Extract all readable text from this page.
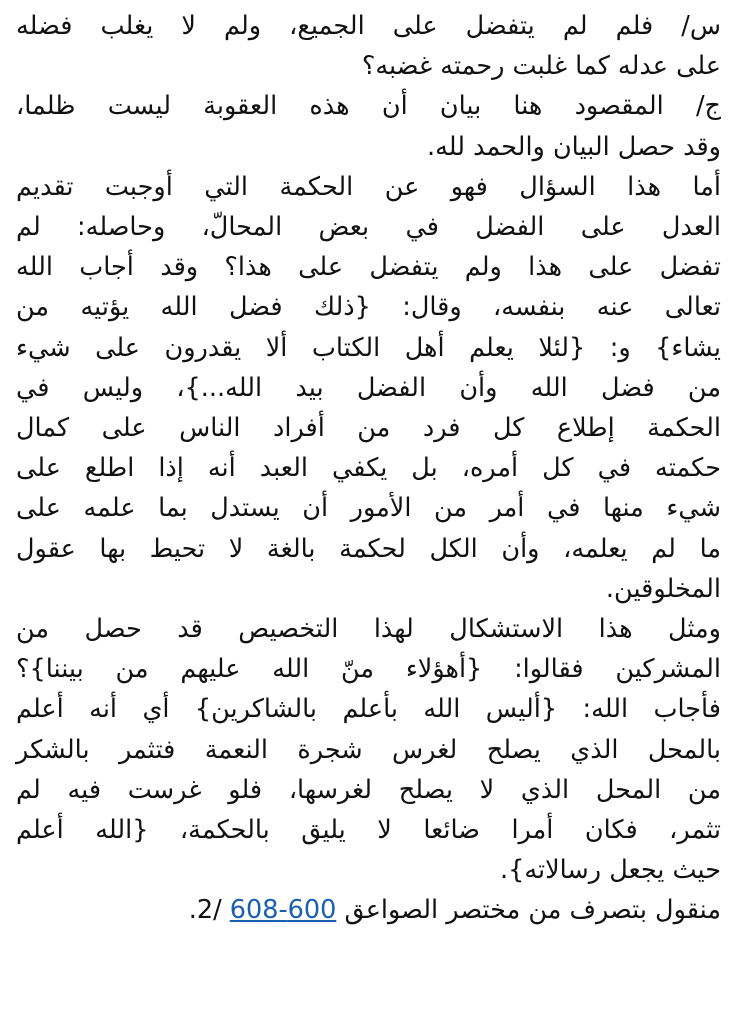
س/ فلم لم يتفضل على الجميع، ولم لا يغلب فضله
على عدله كما غلبت رحمته غضبه؟
ج/ المقصود هنا بيان أن هذه العقوبة ليست ظلما،
وقد حصل البيان والحمد لله.
أما هذا السؤال فهو عن الحكمة التي أوجبت تقديم
العدل على الفضل في بعض المحالّ، وحاصله: لم
تفضل على هذا ولم يتفضل على هذا؟ وقد أجاب الله
تعالى عنه بنفسه، وقال: {ذلك فضل الله يؤتيه من
يشاء} و: {لئلا يعلم أهل الكتاب ألا يقدرون على شيء
من فضل الله وأن الفضل بيد الله...}، وليس في
الحكمة إطلاع كل فرد من أفراد الناس على كمال
حكمته في كل أمره، بل يكفي العبد أنه إذا اطلع على
شيء منها في أمر من الأمور أن يستدل بما علمه على
ما لم يعلمه، وأن الكل لحكمة بالغة لا تحيط بها عقول
المخلوقين.
ومثل هذا الاستشكال لهذا التخصيص قد حصل من
المشركين فقالوا: {أهؤلاء منّ الله عليهم من بيننا}؟
فأجاب الله: {أليس الله بأعلم بالشاكرين} أي أنه أعلم
بالمحل الذي يصلح لغرس شجرة النعمة فتثمر بالشكر
من المحل الذي لا يصلح لغرسها، فلو غرست فيه لم
تثمر، فكان أمرا ضائعا لا يليق بالحكمة، {الله أعلم
حيث يجعل رسالاته}.
منقول بتصرف من مختصر الصواعق 600-608 /2.
